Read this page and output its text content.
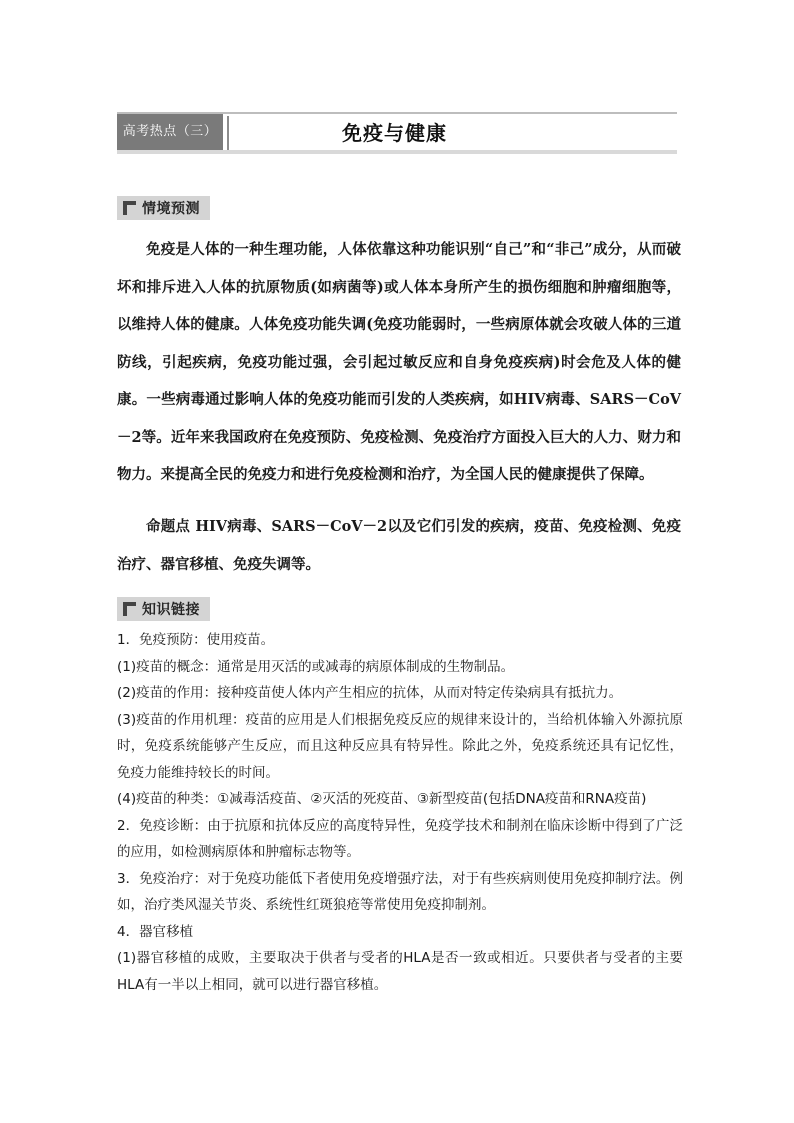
高考热点（三）	免疫与健康
情境预测

免疫是人体的一种生理功能，人体依靠这种功能识别“自己”和“非己”成分，从而破坏和排斥进入人体的抗原物质(如病菌等)或人体本身所产生的损伤细胞和肿瘤细胞等，以维持人体的健康。人体免疫功能失调(免疫功能弱时，一些病原体就会攻破人体的三道防线，引起疾病，免疫功能过强，会引起过敏反应和自身免疫疾病)时会危及人体的健康。一些病毒通过影响人体的免疫功能而引发的人类疾病，如HIV病毒、SARS－CoV－2等。近年来我国政府在免疫预防、免疫检测、免疫治疗方面投入巨大的人力、财力和物力。来提高全民的免疫力和进行免疫检测和治疗，为全国人民的健康提供了保障。

命题点 HIV病毒、SARS－CoV－2以及它们引发的疾病，疫苗、免疫检测、免疫治疗、器官移植、免疫失调等。

知识链接

1．免疫预防：使用疫苗。

(1)疫苗的概念：通常是用灭活的或减毒的病原体制成的生物制品。

(2)疫苗的作用：接种疫苗使人体内产生相应的抗体，从而对特定传染病具有抵抗力。

(3)疫苗的作用机理：疫苗的应用是人们根据免疫反应的规律来设计的，当给机体输入外源抗原时，免疫系统能够产生反应，而且这种反应具有特异性。除此之外，免疫系统还具有记忆性，免疫力能维持较长的时间。

(4)疫苗的种类：①减毒活疫苗、②灭活的死疫苗、③新型疫苗(包括DNA疫苗和RNA疫苗)

2．免疫诊断：由于抗原和抗体反应的高度特异性，免疫学技术和制剂在临床诊断中得到了广泛的应用，如检测病原体和肿瘤标志物等。

3．免疫治疗：对于免疫功能低下者使用免疫增强疗法，对于有些疾病则使用免疫抑制疗法。例如，治疗类风湿关节炎、系统性红斑狼疮等常使用免疫抑制剂。

4．器官移植

(1)器官移植的成败，主要取决于供者与受者的HLA是否一致或相近。只要供者与受者的主要HLA有一半以上相同，就可以进行器官移植。
